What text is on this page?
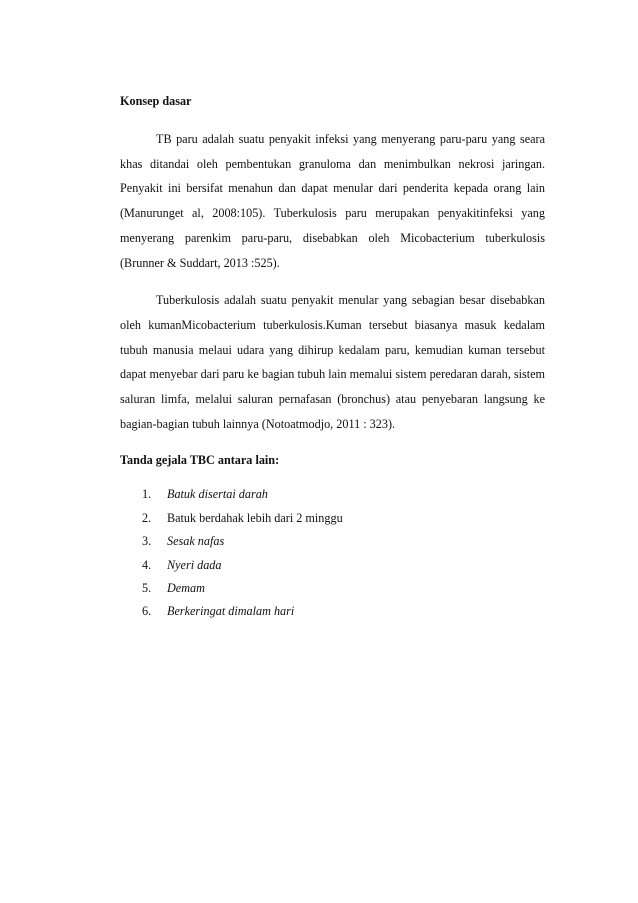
Konsep dasar

TB paru adalah suatu penyakit infeksi yang menyerang paru-paru yang seara khas ditandai oleh pembentukan granuloma dan menimbulkan nekrosi jaringan. Penyakit ini bersifat menahun dan dapat menular dari penderita kepada orang lain (Manurunget al, 2008:105). Tuberkulosis paru merupakan penyakitinfeksi yang menyerang parenkim paru-paru, disebabkan oleh Micobacterium tuberkulosis (Brunner & Suddart, 2013 :525).

Tuberkulosis adalah suatu penyakit menular yang sebagian besar disebabkan oleh kumanMicobacterium tuberkulosis.Kuman tersebut biasanya masuk kedalam tubuh manusia melaui udara yang dihirup kedalam paru, kemudian kuman tersebut dapat menyebar dari paru ke bagian tubuh lain memalui sistem peredaran darah, sistem saluran limfa, melalui saluran pernafasan (bronchus) atau penyebaran langsung ke bagian-bagian tubuh lainnya (Notoatmodjo, 2011 : 323).

Tanda gejala TBC antara lain:

1.	Batuk disertai darah
2.	Batuk berdahak lebih dari 2 minggu
3.	Sesak nafas
4.	Nyeri dada
5.	Demam
6.	Berkeringat dimalam hari
